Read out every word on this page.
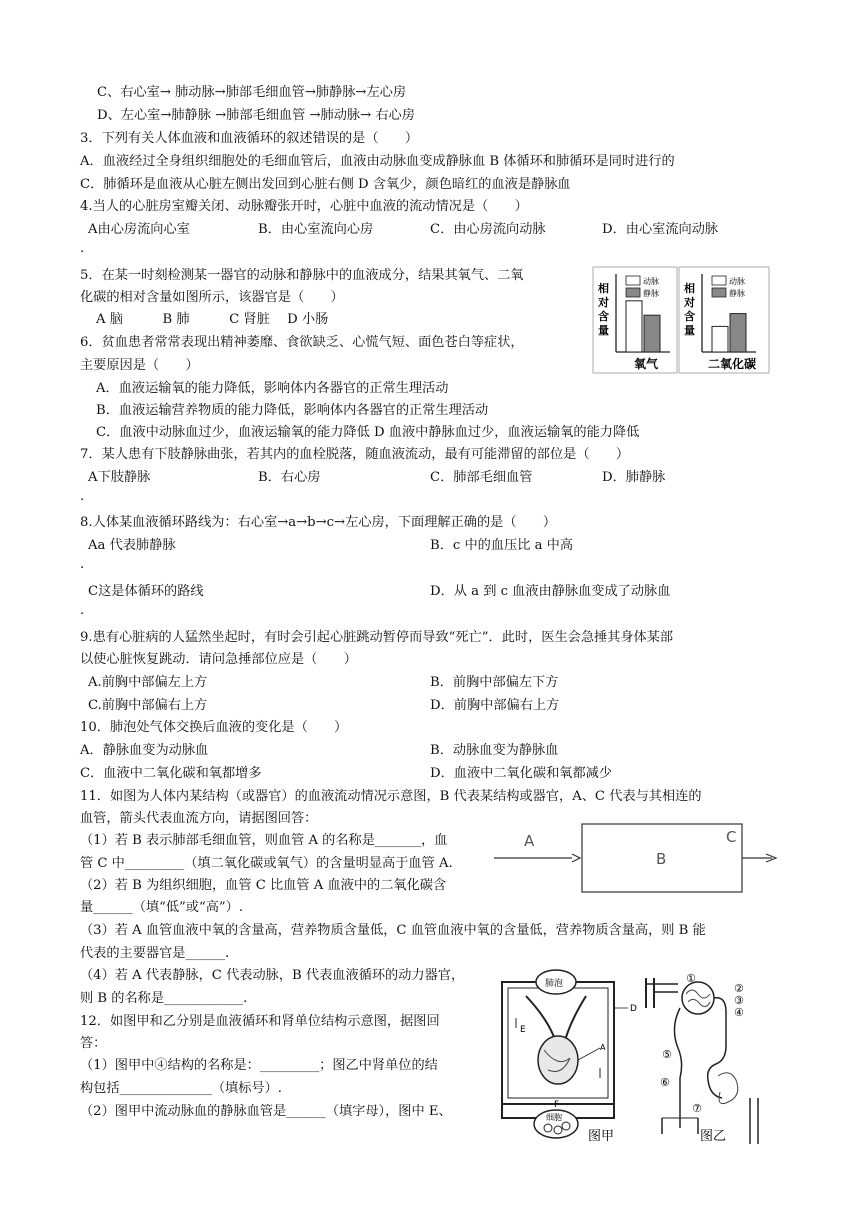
C、右心室→ 肺动脉→肺部毛细血管→肺静脉→左心房
D、左心室→肺静脉 →肺部毛细血管 →肺动脉→ 右心房
3．下列有关人体血液和血液循环的叙述错误的是（　　）
A．血液经过全身组织细胞处的毛细血管后，血液由动脉血变成静脉血 B 体循环和肺循环是同时进行的
C．肺循环是血液从心脏左侧出发回到心脏右侧 D 含氧少，颜色暗红的血液是静脉血
4.当人的心脏房室瓣关闭、动脉瓣张开时，心脏中血液的流动情况是（　　）
A由心房流向心室	B．由心室流向心房	C．由心房流向动脉	D．由心室流向动脉
.
5．在某一时刻检测某一器官的动脉和静脉中的血液成分，结果其氧气、二氧
化碳的相对含量如图所示，该器官是（　　）
A 脑　　　B 肺　　　C 肾脏　 D 小肠
6．贫血患者常常表现出精神萎靡、食欲缺乏、心慌气短、面色苍白等症状，
主要原因是（　　）
A．血液运输氧的能力降低，影响体内各器官的正常生理活动
B．血液运输营养物质的能力降低，影响体内各器官的正常生理活动
C．血液中动脉血过少，血液运输氧的能力降低 D 血液中静脉血过少，血液运输氧的能力降低
7．某人患有下肢静脉曲张，若其内的血栓脱落，随血液流动，最有可能滞留的部位是（　　）
A下肢静脉	B．右心房	C．肺部毛细血管	D．肺静脉
.
8.人体某血液循环路线为：右心室→a→b→c→左心房，下面理解正确的是（　　）
Aa 代表肺静脉	B．c 中的血压比 a 中高
.
C这是体循环的路线	D．从 a 到 c 血液由静脉血变成了动脉血
.
9.患有心脏病的人猛然坐起时，有时会引起心脏跳动暂停而导致“死亡”．此时，医生会急捶其身体某部
以使心脏恢复跳动．请问急捶部位应是（　　）
A.前胸中部偏左上方	B．前胸中部偏左下方
C.前胸中部偏右上方	D．前胸中部偏右上方
10．肺泡处气体交换后血液的变化是（　　）
A．静脉血变为动脉血	B．动脉血变为静脉血
C．血液中二氧化碳和氧都增多	D．血液中二氧化碳和氧都减少
11．如图为人体内某结构（或器官）的血液流动情况示意图，B 代表某结构或器官，A、C 代表与其相连的
血管，箭头代表血流方向，请据图回答：
（1）若 B 表示肺部毛细血管，则血管 A 的名称是_______，血
管 C 中_________（填二氧化碳或氧气）的含量明显高于血管 A.
（2）若 B 为组织细胞，血管 C 比血管 A 血液中的二氧化碳含
量______（填“低”或“高”）.
（3）若 A 血管血液中氧的含量高，营养物质含量低，C 血管血液中氧的含量低，营养物质含量高，则 B 能
代表的主要器官是______.
（4）若 A 代表静脉，C 代表动脉，B 代表血液循环的动力器官，
则 B 的名称是____________.
12．如图甲和乙分别是血液循环和肾单位结构示意图，据图回
答：
（1）图甲中④结构的名称是：_________；图乙中肾单位的结
构包括______________（填标号）.
（2）图甲中流动脉血的静脉血管是______（填字母），图中 E、
相
对
含
量
动脉
静脉
氧气
相
对
含
量
动脉
静脉
二氧化碳
A
B
C
肺泡
A
细胞
E
D
F
图甲
①
②
③
④
⑤
⑥
⑦
图乙
